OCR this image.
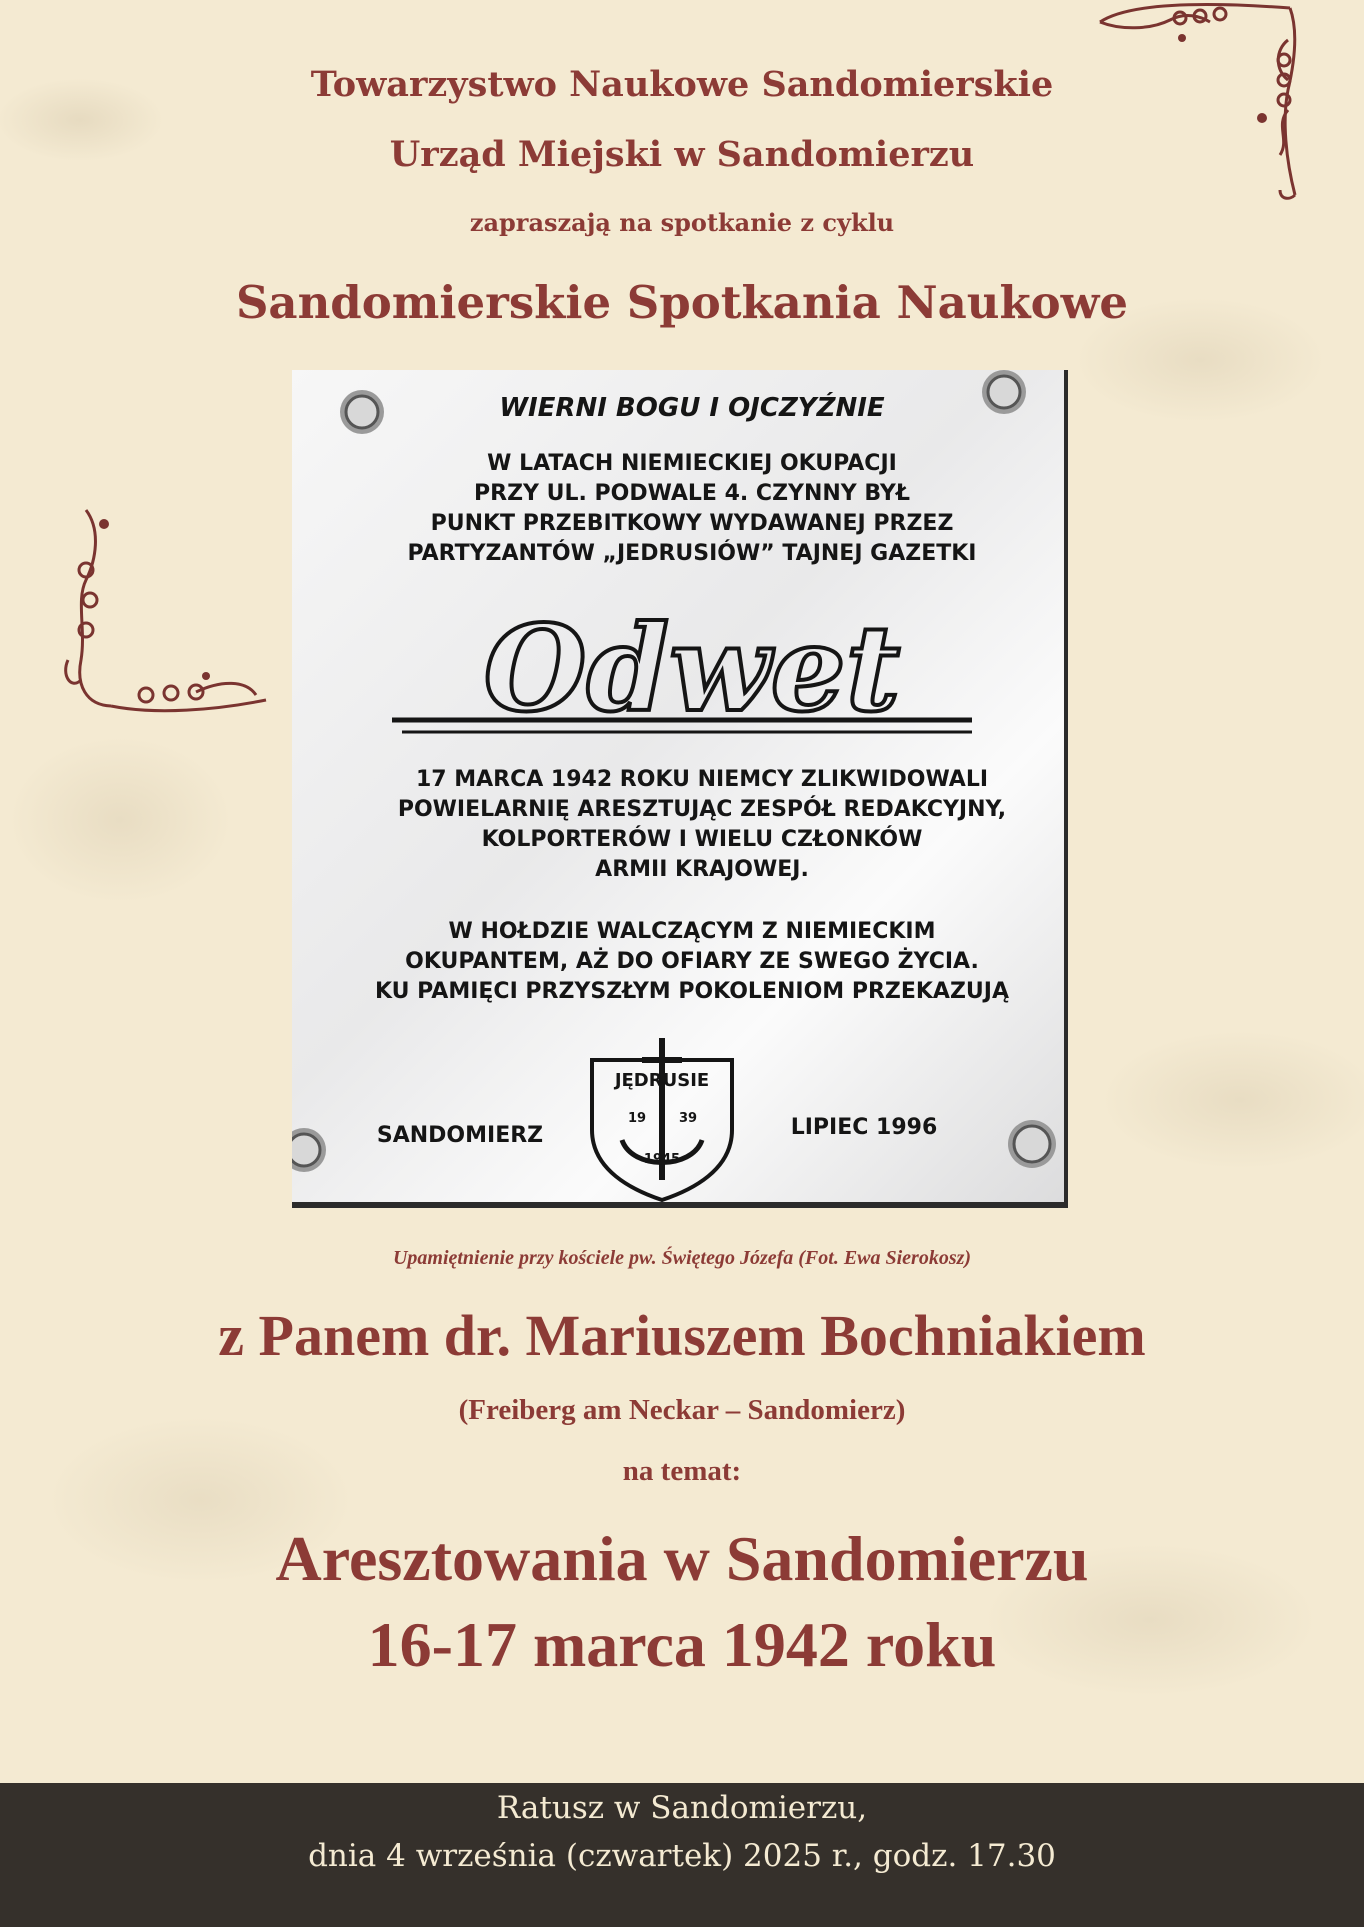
Towarzystwo Naukowe Sandomierskie
Urząd Miejski w Sandomierzu
zapraszają na spotkanie z cyklu
Sandomierskie Spotkania Naukowe
WIERNI BOGU I OJCZYŹNIE
W LATACH NIEMIECKIEJ OKUPACJI
PRZY UL. PODWALE 4. CZYNNY BYŁ
PUNKT PRZEBITKOWY WYDAWANEJ PRZEZ
PARTYZANTÓW „JEDRUSIÓW” TAJNEJ GAZETKI
Odwet
17 MARCA 1942 ROKU NIEMCY ZLIKWIDOWALI
POWIELARNIĘ ARESZTUJĄC ZESPÓŁ REDAKCYJNY,
KOLPORTERÓW I WIELU CZŁONKÓW
ARMII KRAJOWEJ.
W HOŁDZIE WALCZĄCYM Z NIEMIECKIM
OKUPANTEM, AŻ DO OFIARY ZE SWEGO ŻYCIA.
KU PAMIĘCI PRZYSZŁYM POKOLENIOM PRZEKAZUJĄ
SANDOMIERZ	LIPIEC 1996
JĘDRUSIE
19	39
1945
Upamiętnienie przy kościele pw. Świętego Józefa (Fot. Ewa Sierokosz)
z Panem dr. Mariuszem Bochniakiem
(Freiberg am Neckar – Sandomierz)
na temat:
Aresztowania w Sandomierzu
16-17 marca 1942 roku
Ratusz w Sandomierzu,
dnia 4 września (czwartek) 2025 r., godz. 17.30
